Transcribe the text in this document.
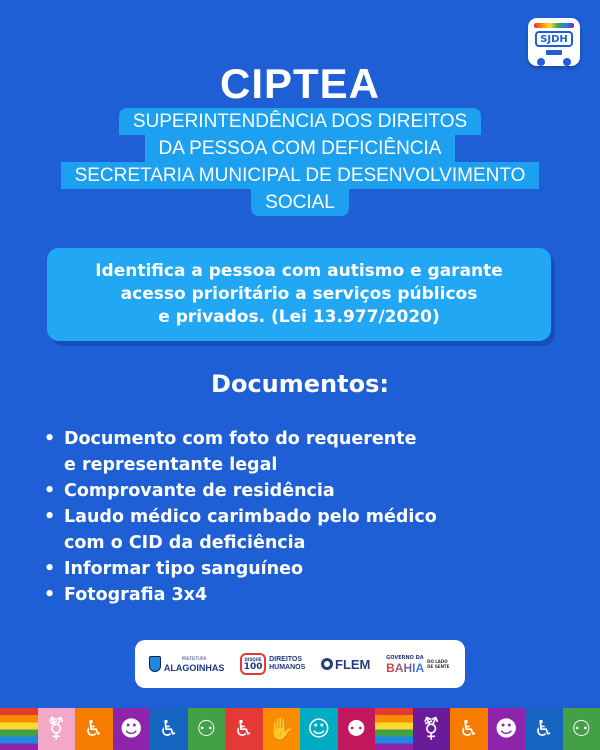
SJDH
CIPTEA
SUPERINTENDÊNCIA DOS DIREITOS
DA PESSOA COM DEFICIÊNCIA
SECRETARIA MUNICIPAL DE DESENVOLVIMENTO
SOCIAL
Identifica a pessoa com autismo e garante
acesso prioritário a serviços públicos
e privados. (Lei 13.977/2020)
Documentos:
• Documento com foto do requerente
e representante legal
• Comprovante de residência
• Laudo médico carimbado pelo médico
com o CID da deficiência
• Informar tipo sanguíneo
• Fotografia 3x4
PREFEITURA
ALAGOINHAS
DISQUE
100
DIREITOS
HUMANOS FLEM	GOVERNO DA
BAHIA DO LADO DE GENTE
⚧ ♿ ☻ ♿ ⚇ ♿ ✋ ☺ ⚉	⚧ ♿ ☻ ♿ ⚇
